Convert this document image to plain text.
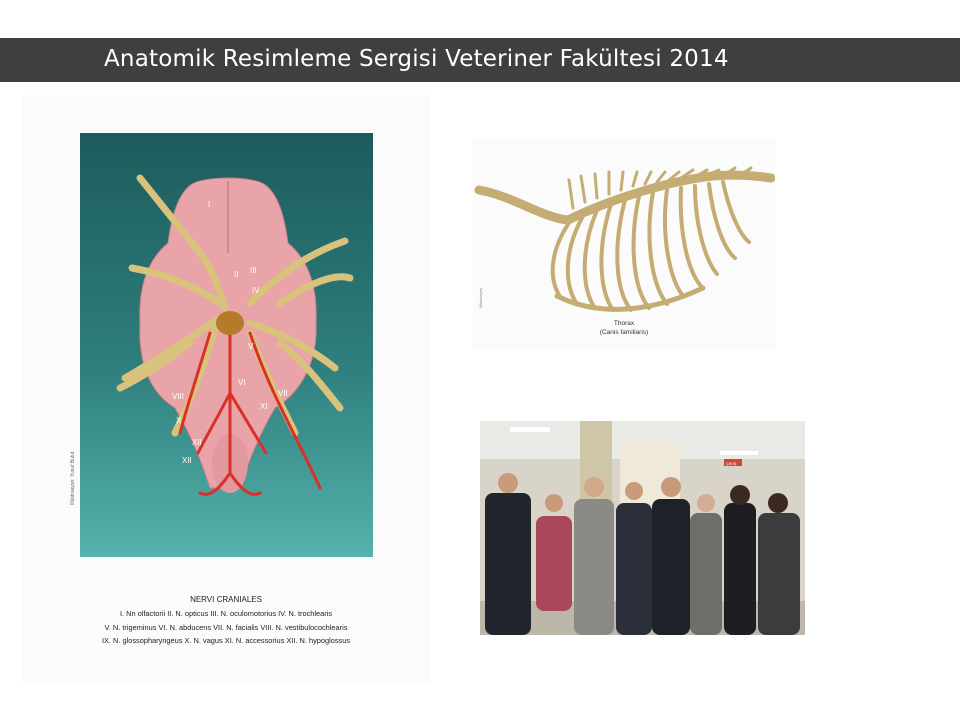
Anatomik Resimleme Sergisi Veteriner Fakültesi 2014
I
II III
IV
V
VI
VII
VIII
X
XI
XII
XII
Illüstrasyon: Yusuf Bulut
NERVI CRANIALES
I. Nn olfactorii II. N. opticus III. N. oculomotorius IV. N. trochlearis
V. N. trigeminus VI. N. abducens VII. N. facialis VIII. N. vestibulocochlearis
IX. N. glossopharyngeus X. N. vagus XI. N. accessorius XII. N. hypoglossus
Illüstrasyon
Thorax
(Canis familiaris)
ÇIKIŞ
